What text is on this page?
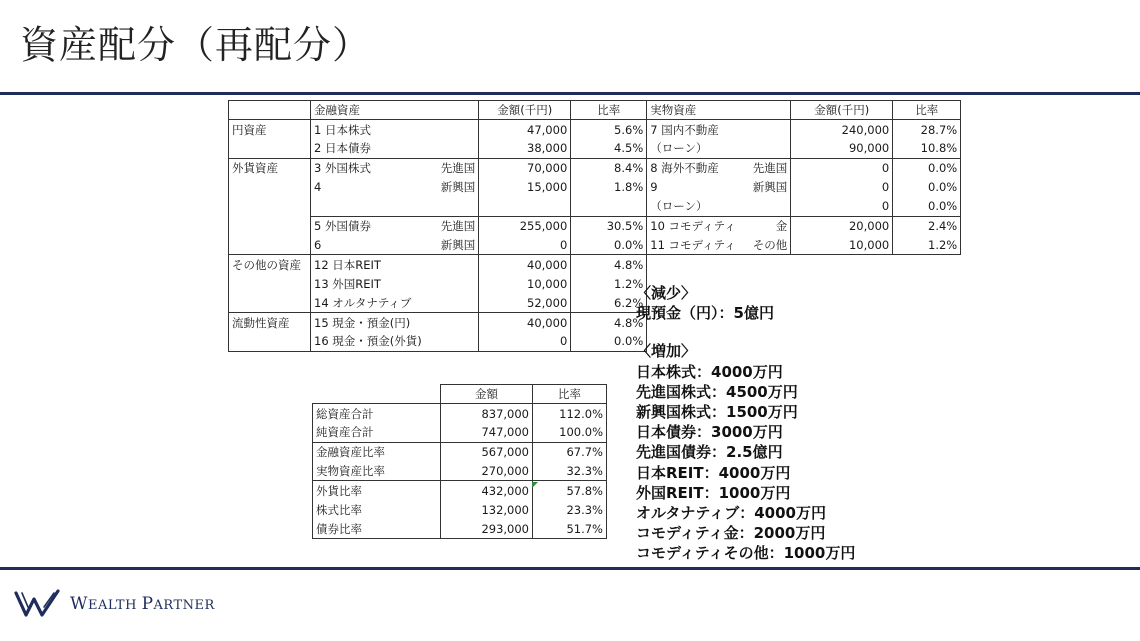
資産配分（再配分）
	金融資産		金額(千円)	比率	実物資産		金額(千円)	比率
円資産	1 日本株式		47,000	5.6%	7 国内不動産		240,000	28.7%
	2 日本債券		38,000	4.5%	（ローン）		90,000	10.8%
外貨資産	3 外国株式	先進国	70,000	8.4%	8 海外不動産	先進国	0	0.0%
	4	新興国	15,000	1.8%	9	新興国	0	0.0%
					（ローン）		0	0.0%
	5 外国債券	先進国	255,000	30.5%	10 コモディティ	金	20,000	2.4%
	6	新興国	0	0.0%	11 コモディティ	その他	10,000	1.2%
その他の資産	12 日本REIT		40,000	4.8%				
	13 外国REIT		10,000	1.2%				
	14 オルタナティブ		52,000	6.2%				
流動性資産	15 現金・預金(円)		40,000	4.8%				
	16 現金・預金(外貨)		0	0.0%				
	金額	比率
総資産合計	837,000	112.0%
純資産合計	747,000	100.0%
金融資産比率	567,000	67.7%
実物資産比率	270,000	32.3%
外貨比率	432,000	57.8%
株式比率	132,000	23.3%
債券比率	293,000	51.7%
〈減少〉
現預金（円）：5億円
〈増加〉
日本株式：4000万円
先進国株式：4500万円
新興国株式：1500万円
日本債券：3000万円
先進国債券：2.5億円
日本REIT：4000万円
外国REIT：1000万円
オルタナティブ：4000万円
コモディティ金：2000万円
コモディティその他：1000万円
WEALTH PARTNER
